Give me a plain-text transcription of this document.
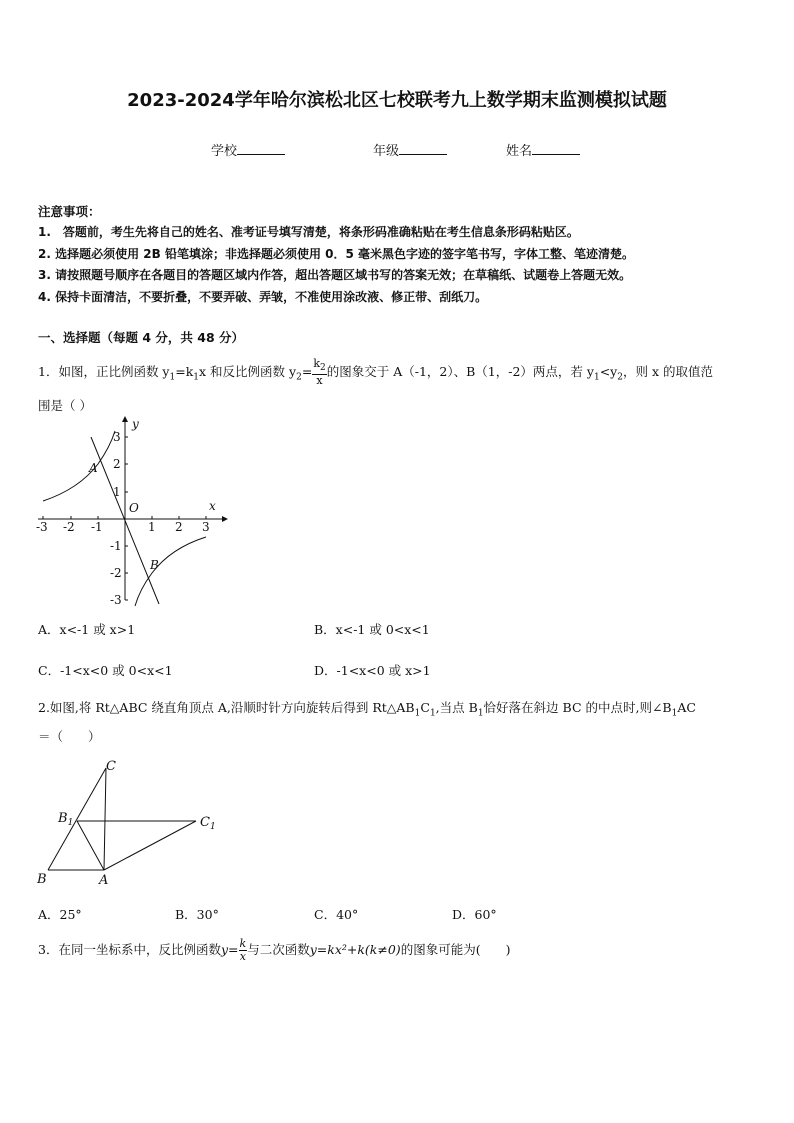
2023-2024学年哈尔滨松北区七校联考九上数学期末监测模拟试题
学校	年级	姓名
注意事项：
1.　答题前，考生先将自己的姓名、准考证号填写清楚，将条形码准确粘贴在考生信息条形码粘贴区。
2. 选择题必须使用 2B 铅笔填涂；非选择题必须使用 0．5 毫米黑色字迹的签字笔书写，字体工整、笔迹清楚。
3. 请按照题号顺序在各题目的答题区域内作答，超出答题区域书写的答案无效；在草稿纸、试题卷上答题无效。
4. 保持卡面清洁，不要折叠，不要弄破、弄皱，不准使用涂改液、修正带、刮纸刀。
一、选择题（每题 4 分，共 48 分）
1．如图，正比例函数 $y_1=k_1x$ 和反比例函数 $y_2= \frac{k_2}{x}$ 的图象交于 A（-1，2）、B（1，-2）两点，若 $y_1<y_2$，则 x 的取值范
围是（ ）
-3 -2 -1	1 2 3
3
2
1
-1
-2
-3
x
y
O
A
B
A．x<-1 或 x>1	B．x<-1 或 0<x<1
C．-1<x<0 或 0<x<1	D．-1<x<0 或 x>1
2.如图,将 Rt△ABC 绕直角顶点 A,沿顺时针方向旋转后得到 $Rt\triangle AB_1C_1$,当点 $B_1$恰好落在斜边 BC 的中点时,则$\angle B_1AC$
＝（　　）
C
$B_1$	$C_1$
B	A
A．25°	B．30°	C．40°	D．60°
3．在同一坐标系中，反比例函数$y= \frac{k}{x}$ 与二次函数y=kx²+k(k≠0)的图象可能为(　　)
